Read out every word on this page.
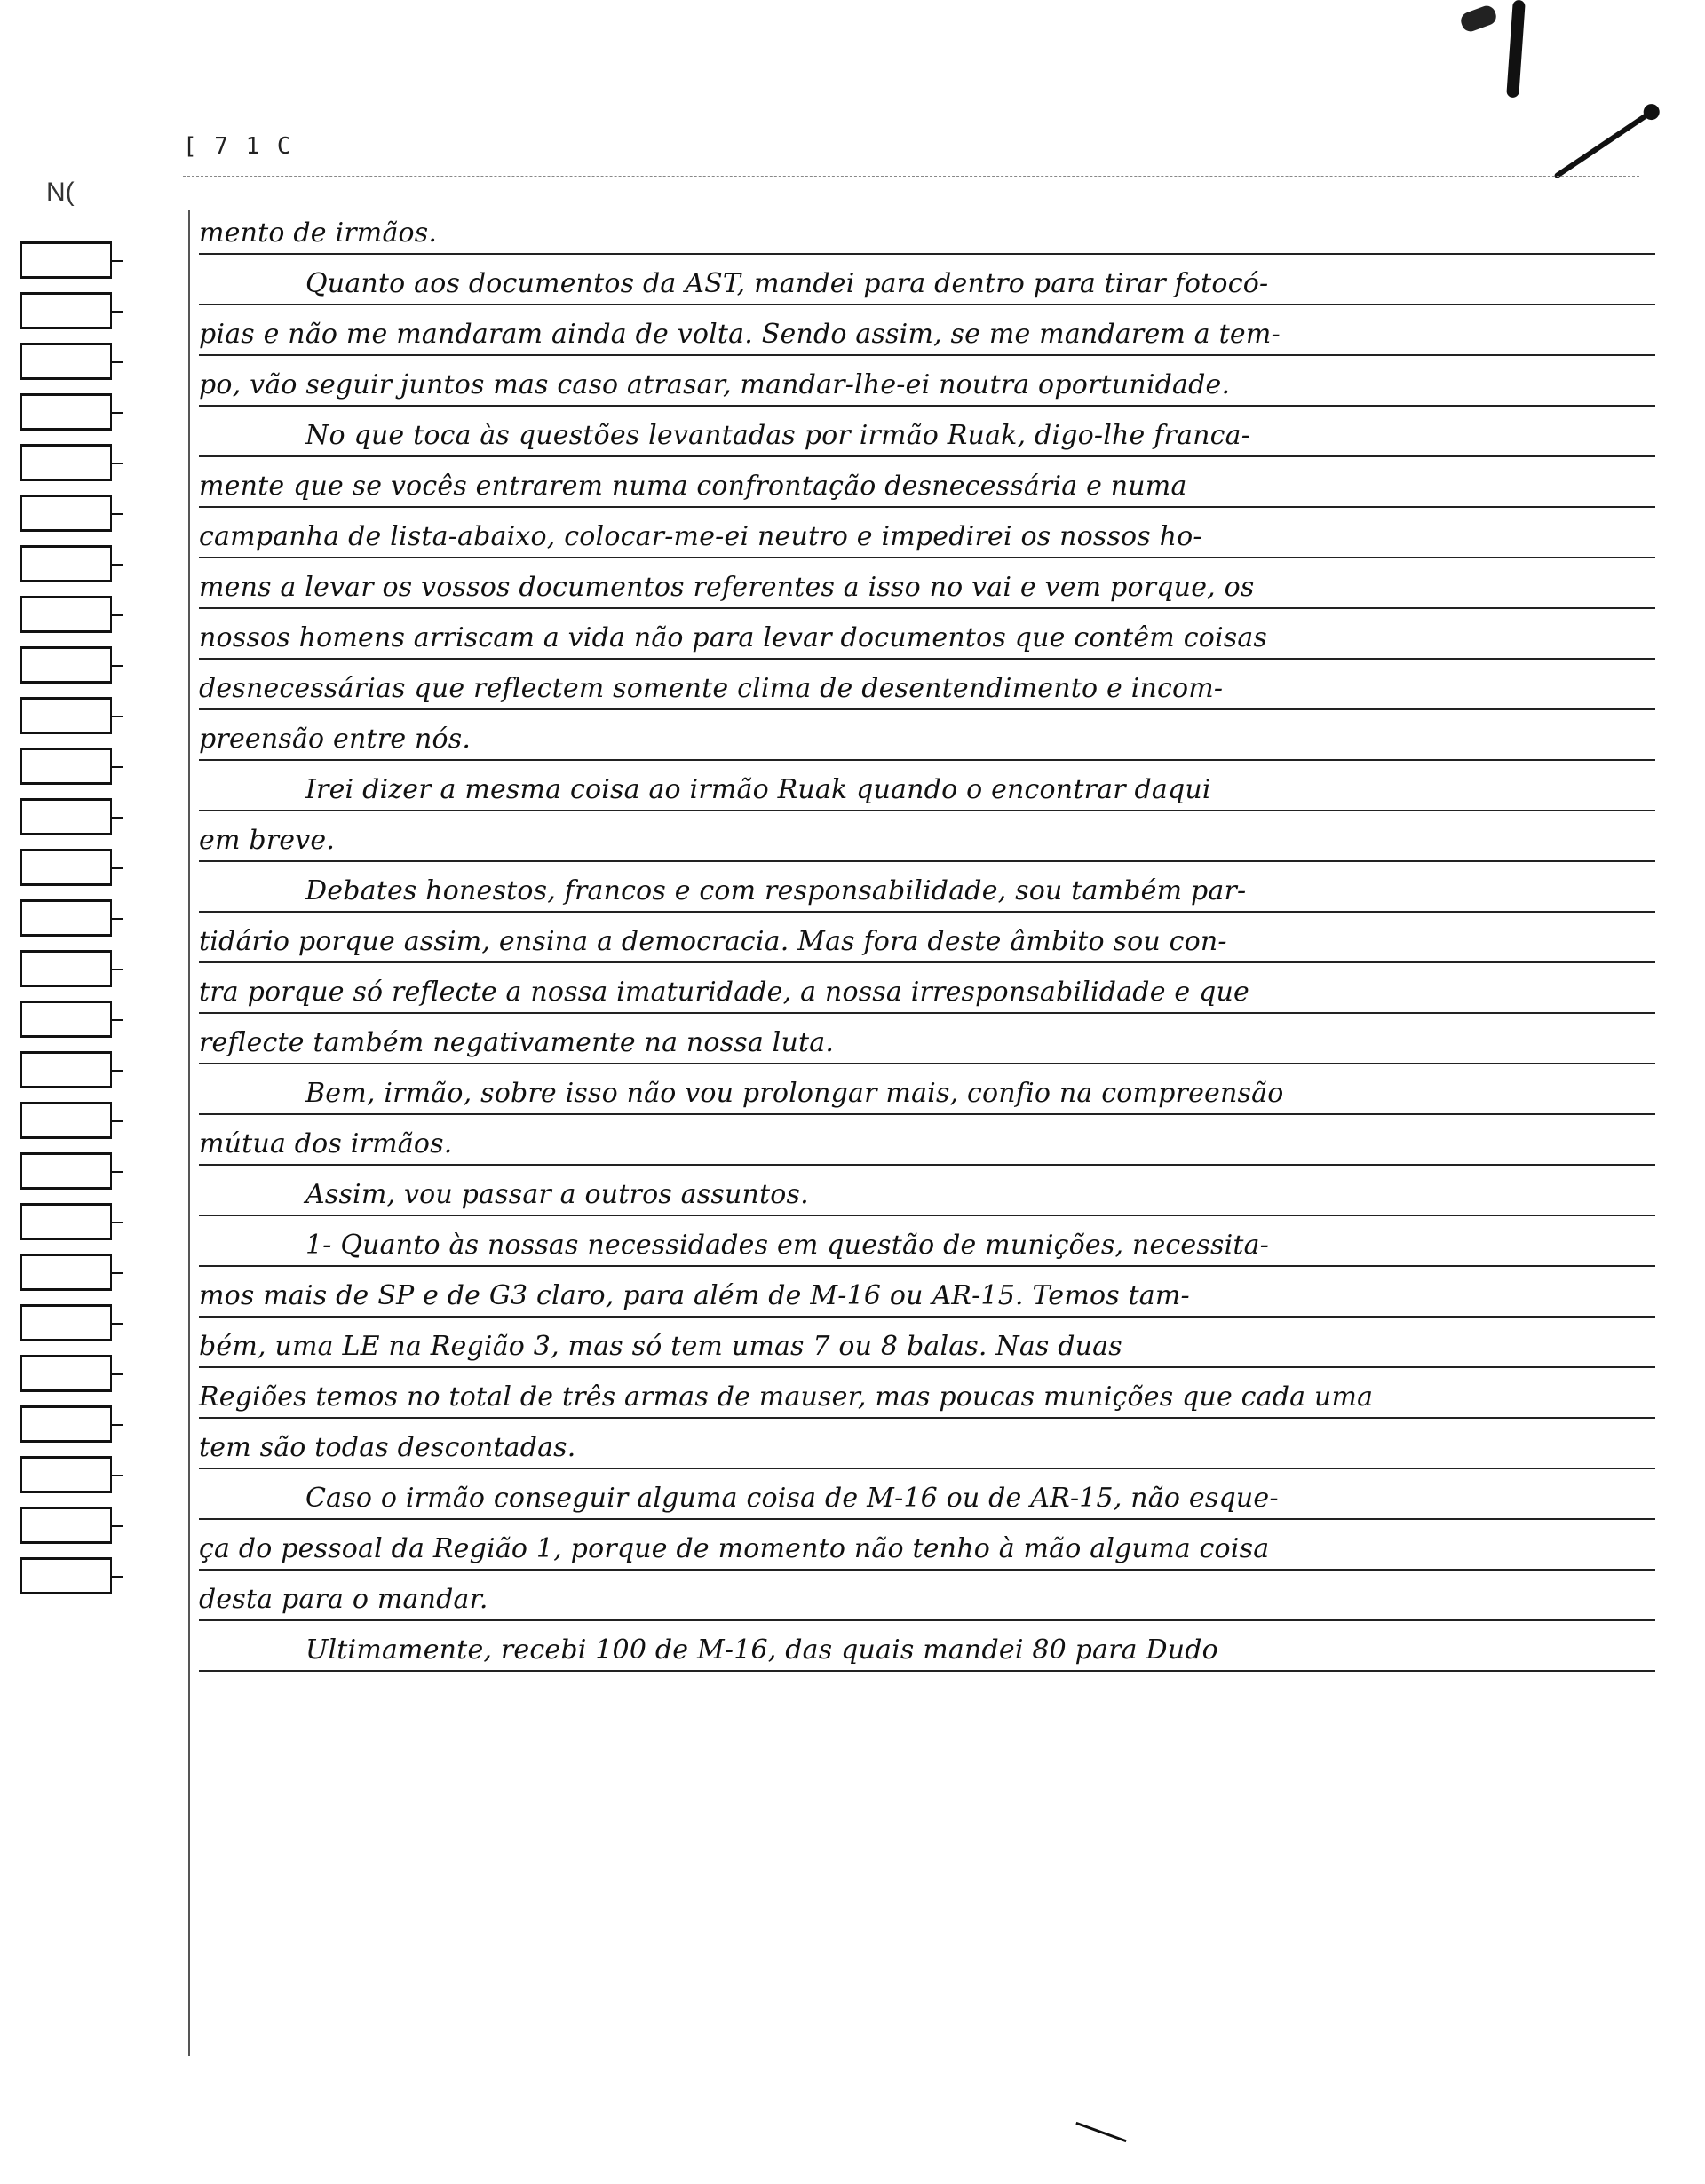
[ 7 1 C
N(
mento de irmãos.
Quanto aos documentos da AST, mandei para dentro para tirar fotocó-
pias e não me mandaram ainda de volta. Sendo assim, se me mandarem a tem-
po, vão seguir juntos mas caso atrasar, mandar-lhe-ei noutra oportunidade.
No que toca às questões levantadas por irmão Ruak, digo-lhe franca-
mente que se vocês entrarem numa confrontação desnecessária e numa
campanha de lista-abaixo, colocar-me-ei neutro e impedirei os nossos ho-
mens a levar os vossos documentos referentes a isso no vai e vem porque, os
nossos homens arriscam a vida não para levar documentos que contêm coisas
desnecessárias que reflectem somente clima de desentendimento e incom-
preensão entre nós.
Irei dizer a mesma coisa ao irmão Ruak quando o encontrar daqui
em breve.
Debates honestos, francos e com responsabilidade, sou também par-
tidário porque assim, ensina a democracia. Mas fora deste âmbito sou con-
tra porque só reflecte a nossa imaturidade, a nossa irresponsabilidade e que
reflecte também negativamente na nossa luta.
Bem, irmão, sobre isso não vou prolongar mais, confio na compreensão
mútua dos irmãos.
Assim, vou passar a outros assuntos.
1- Quanto às nossas necessidades em questão de munições, necessita-
mos mais de SP e de G3 claro, para além de M-16 ou AR-15. Temos tam-
bém, uma LE na Região 3, mas só tem umas 7 ou 8 balas. Nas duas
Regiões temos no total de três armas de mauser, mas poucas munições que cada uma
tem são todas descontadas.
Caso o irmão conseguir alguma coisa de M-16 ou de AR-15, não esque-
ça do pessoal da Região 1, porque de momento não tenho à mão alguma coisa
desta para o mandar.
Ultimamente, recebi 100 de M-16, das quais mandei 80 para Dudo
